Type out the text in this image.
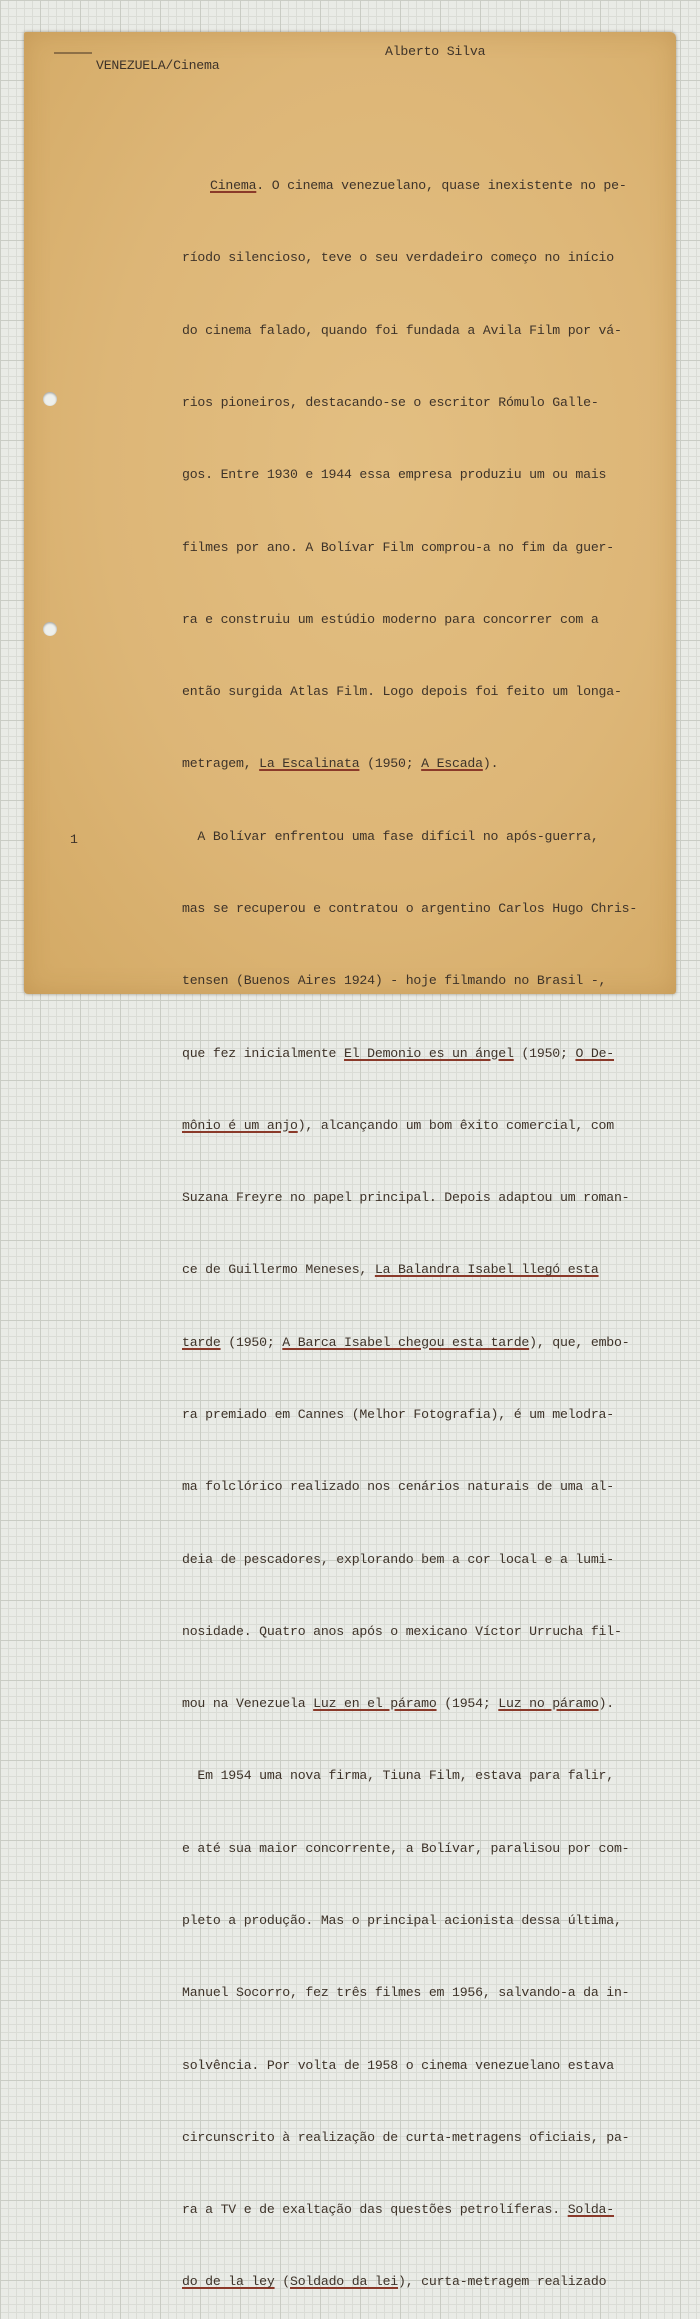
Alberto Silva
VENEZUELA/Cinema

Cinema. O cinema venezuelano, quase inexistente no pe-

ríodo silencioso, teve o seu verdadeiro começo no início

do cinema falado, quando foi fundada a Avila Film por vá-

rios pioneiros, destacando-se o escritor Rómulo Galle-

gos. Entre 1930 e 1944 essa empresa produziu um ou mais

filmes por ano. A Bolívar Film comprou-a no fim da guer-

ra e construiu um estúdio moderno para concorrer com a

então surgida Atlas Film. Logo depois foi feito um longa-

metragem, La Escalinata (1950; A Escada).

A Bolívar enfrentou uma fase difícil no após-guerra,

mas se recuperou e contratou o argentino Carlos Hugo Chris-

tensen (Buenos Aires 1924) - hoje filmando no Brasil -,

que fez inicialmente El Demonio es un ángel (1950; O De-

mônio é um anjo), alcançando um bom êxito comercial, com

Suzana Freyre no papel principal. Depois adaptou um roman-

ce de Guillermo Meneses, La Balandra Isabel llegó esta

tarde (1950; A Barca Isabel chegou esta tarde), que, embo-

ra premiado em Cannes (Melhor Fotografia), é um melodra-

ma folclórico realizado nos cenários naturais de uma al-

deia de pescadores, explorando bem a cor local e a lumi-

nosidade. Quatro anos após o mexicano Víctor Urrucha fil-

mou na Venezuela Luz en el páramo (1954; Luz no páramo).

Em 1954 uma nova firma, Tiuna Film, estava para falir,

e até sua maior concorrente, a Bolívar, paralisou por com-

pleto a produção. Mas o principal acionista dessa última,

Manuel Socorro, fez três filmes em 1956, salvando-a da in-

solvência. Por volta de 1958 o cinema venezuelano estava

circunscrito à realização de curta-metragens oficiais, pa-

ra a TV e de exaltação das questões petrolíferas. Solda-

do de la ley (Soldado da lei), curta-metragem realizado

1
